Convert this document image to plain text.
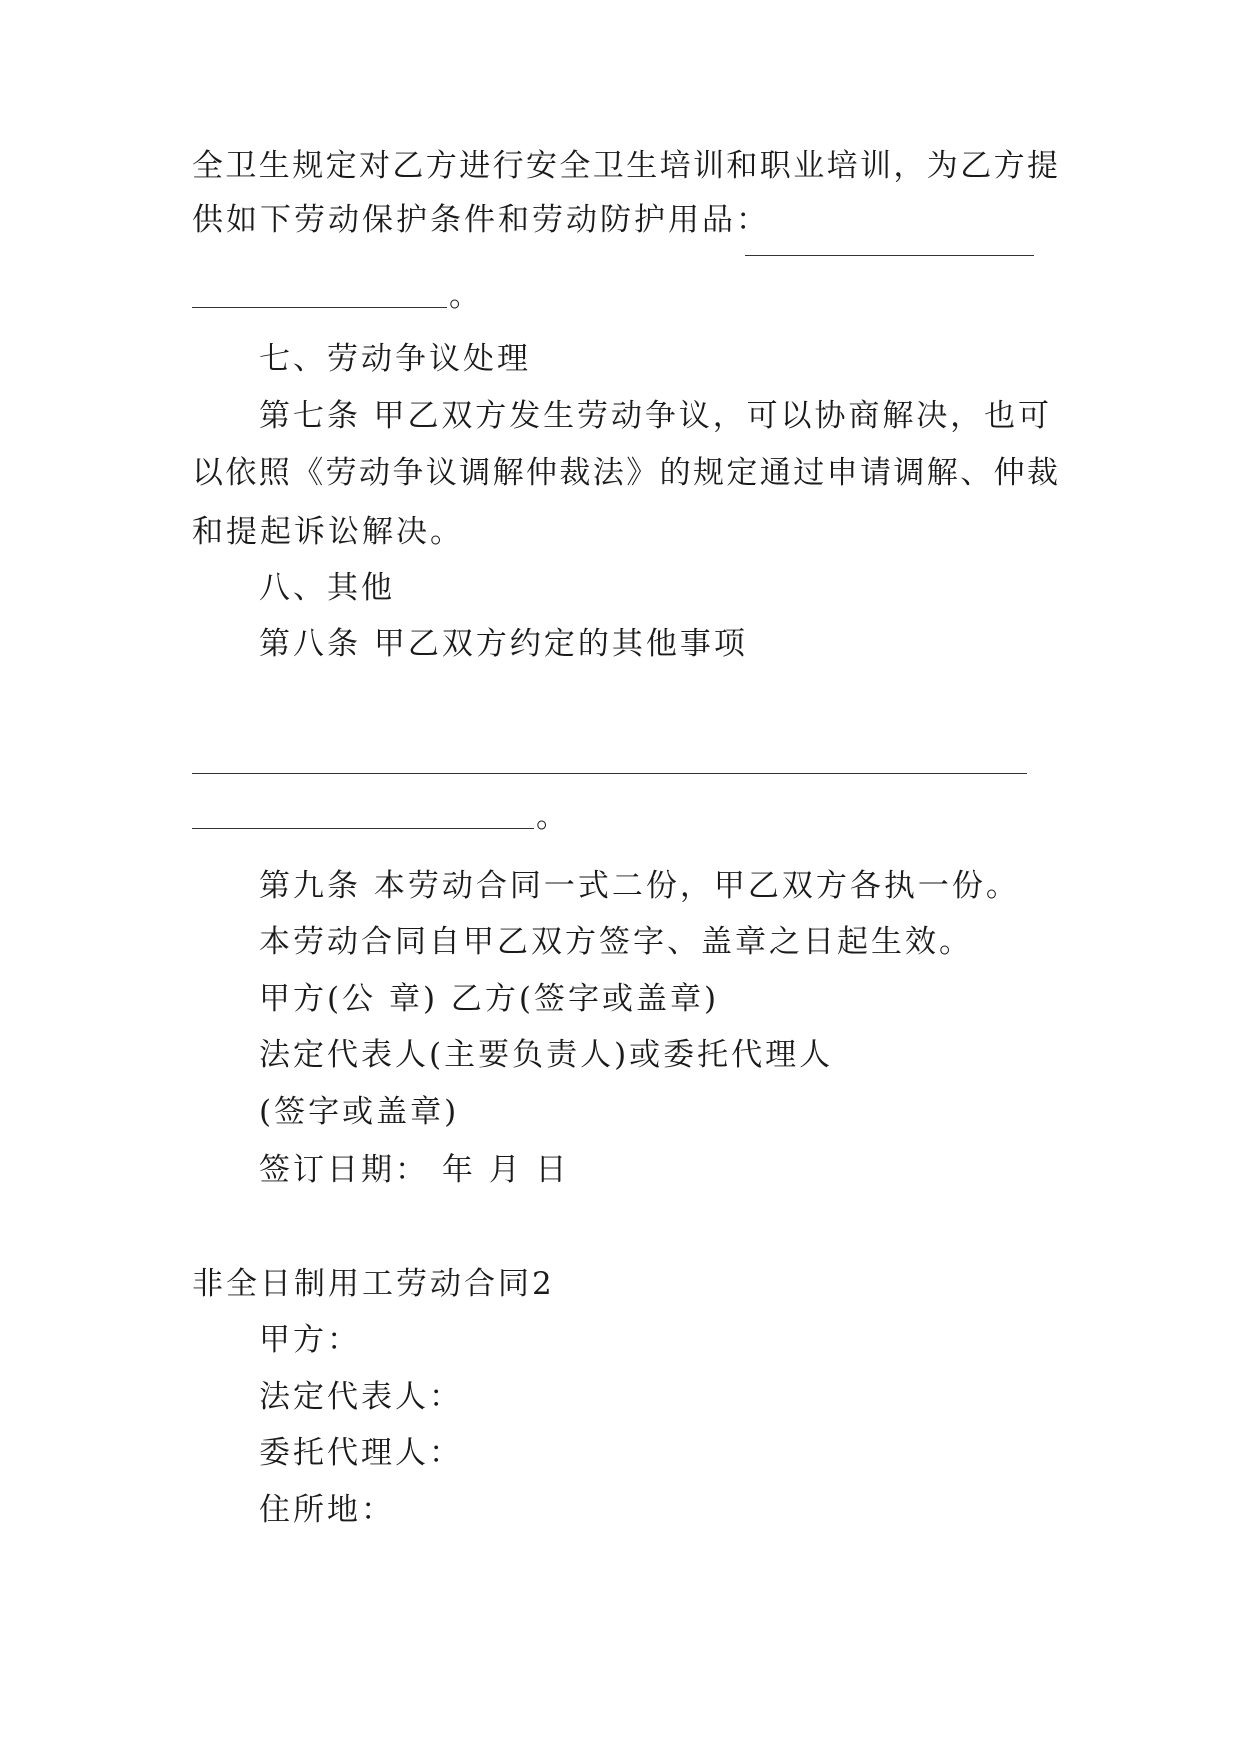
全卫生规定对乙方进行安全卫生培训和职业培训，为乙方提
供如下劳动保护条件和劳动防护用品：
。
七、劳动争议处理
第七条 甲乙双方发生劳动争议，可以协商解决，也可
以依照《劳动争议调解仲裁法》的规定通过申请调解、仲裁
和提起诉讼解决。
八、其他
第八条 甲乙双方约定的其他事项
。
第九条 本劳动合同一式二份，甲乙双方各执一份。
本劳动合同自甲乙双方签字、盖章之日起生效。
甲方(公 章) 乙方(签字或盖章)
法定代表人(主要负责人)或委托代理人
(签字或盖章)
签订日期： 年 月 日
非全日制用工劳动合同2
甲方：
法定代表人：
委托代理人：
住所地：
